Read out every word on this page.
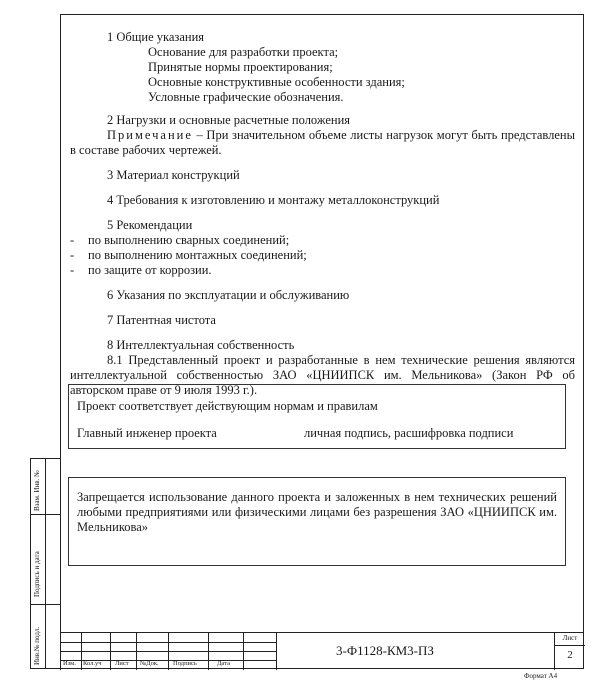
1 Общие указания
Основание для разработки проекта;
Принятые нормы проектирования;
Основные конструктивные особенности здания;
Условные графические обозначения.
2 Нагрузки и основные расчетные положения
Примечание – При значительном объеме листы нагрузок могут быть представлены в составе рабочих чертежей.
3 Материал конструкций
4 Требования к изготовлению и монтажу металлоконструкций
5 Рекомендации
- по выполнению сварных соединений;
- по выполнению монтажных соединений;
- по защите от коррозии.
6 Указания по эксплуатации и обслуживанию
7 Патентная чистота
8 Интеллектуальная собственность
8.1 Представленный проект и разработанные в нем технические решения являются интеллектуальной собственностью ЗАО «ЦНИИПСК им. Мельникова» (Закон РФ об авторском праве от 9 июля 1993 г.).
Проект соответствует действующим нормам и правилам
Главный инженер проекта	личная подпись, расшифровка подписи
Запрещается использование данного проекта и заложенных в нем технических решений любыми предприятиями или физическими лицами без разрешения ЗАО «ЦНИИПСК им. Мельникова»
Взам. Инв. №
Подпись и дата
Инв.№ подл.	Изм. Кол.уч Лист №Док. Подпись	Дата
3-Ф1128-КМ3-ПЗ
Лист
2
Формат А4
